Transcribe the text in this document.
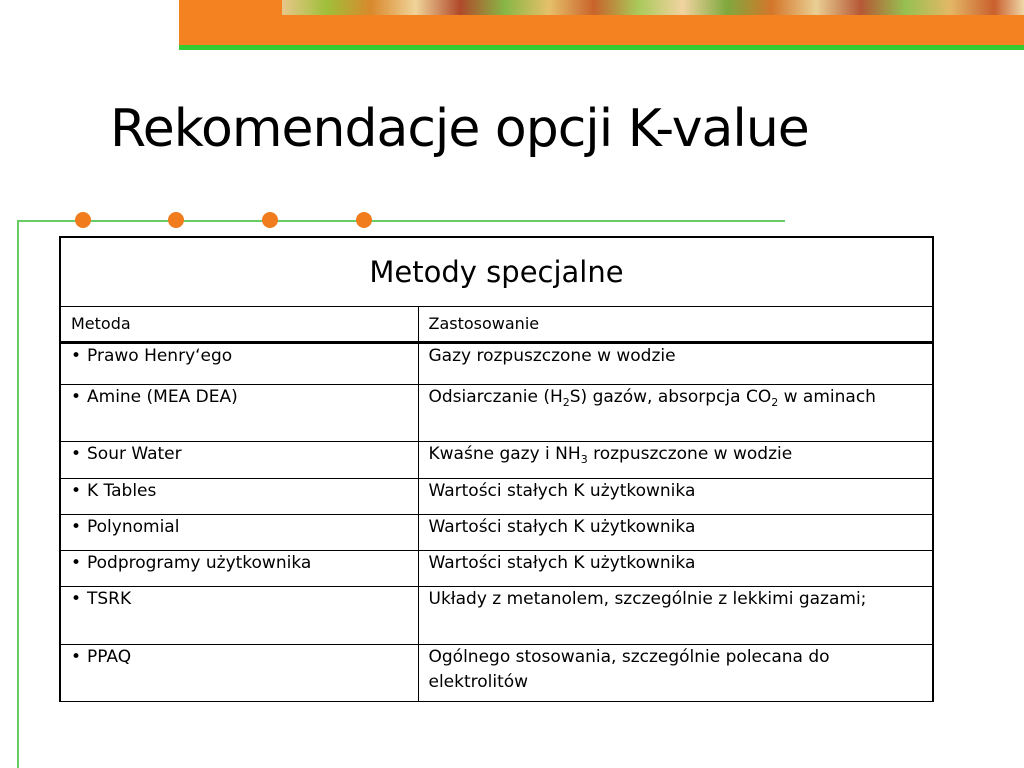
Rekomendacje opcji K-value
Metody specjalne	
Metoda	Zastosowanie

• Prawo Henry‘ego	Gazy rozpuszczone w wodzie

• Amine (MEA DEA)	Odsiarczanie $(H_2S)$ gazów, absorpcja $CO_2$ w aminach

• Sour Water	Kwaśne gazy i $NH_3$ rozpuszczone w wodzie

• K Tables	Wartości stałych K użytkownika

• Polynomial	Wartości stałych K użytkownika

• Podprogramy użytkownika	Wartości stałych K użytkownika

• TSRK	Układy z metanolem, szczególnie z lekkimi gazami;

• PPAQ	Ogólnego stosowania, szczególnie polecana do elektrolitów
